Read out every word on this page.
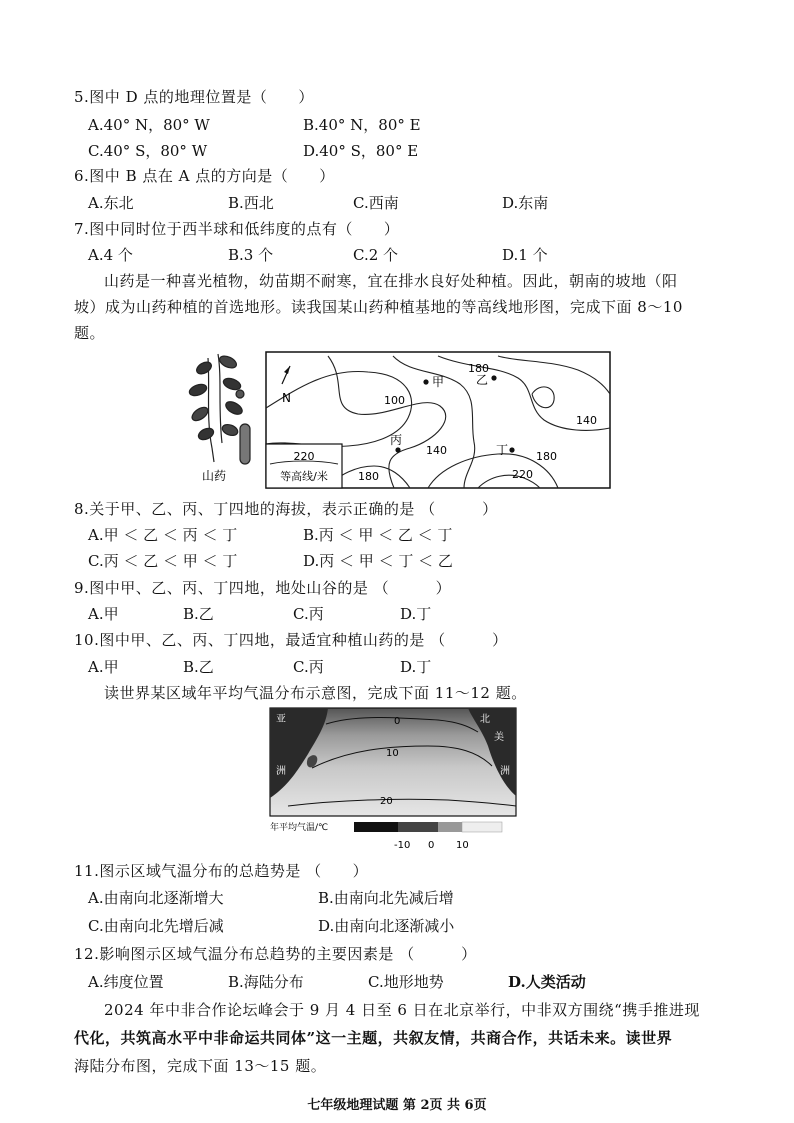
5.图中 D 点的地理位置是（　　）
A.40° N，80° W	B.40° N，80° E
C.40° S，80° W	D.40° S，80° E
6.图中 B 点在 A 点的方向是（　　）
A.东北	B.西北	C.西南	D.东南
7.图中同时位于西半球和低纬度的点有（　　）
A.4 个	B.3 个	C.2 个	D.1 个
山药是一种喜光植物，幼苗期不耐寒，宜在排水良好处种植。因此，朝南的坡地（阳
坡）成为山药种植的首选地形。读我国某山药种植基地的等高线地形图，完成下面 8～10
题。
山药
220
等高线/米
N	100
180
140
140
180	220
180
甲	乙
丙
丁
8.关于甲、乙、丙、丁四地的海拔，表示正确的是 （　　　）
A.甲 ＜ 乙 ＜ 丙 ＜ 丁	B.丙 ＜ 甲 ＜ 乙 ＜ 丁
C.丙 ＜ 乙 ＜ 甲 ＜ 丁	D.丙 ＜ 甲 ＜ 丁 ＜ 乙
9.图中甲、乙、丙、丁四地，地处山谷的是 （　　　）
A.甲	B.乙	C.丙	D.丁
10.图中甲、乙、丙、丁四地，最适宜种植山药的是 （　　　）
A.甲	B.乙	C.丙	D.丁
读世界某区域年平均气温分布示意图，完成下面 11～12 题。
0
10
20
亚
洲
北
美
洲
年平均气温/℃
-10 0 10
11.图示区域气温分布的总趋势是 （　　）
A.由南向北逐渐增大	B.由南向北先减后增
C.由南向北先增后减	D.由南向北逐渐减小
12.影响图示区域气温分布总趋势的主要因素是 （　　　）
A.纬度位置	B.海陆分布	C.地形地势	D.人类活动
2024 年中非合作论坛峰会于 9 月 4 日至 6 日在北京举行，中非双方围绕“携手推进现
代化，共筑高水平中非命运共同体”这一主题，共叙友情，共商合作，共话未来。读世界
海陆分布图，完成下面 13～15 题。
七年级地理试题 第 2页 共 6页
